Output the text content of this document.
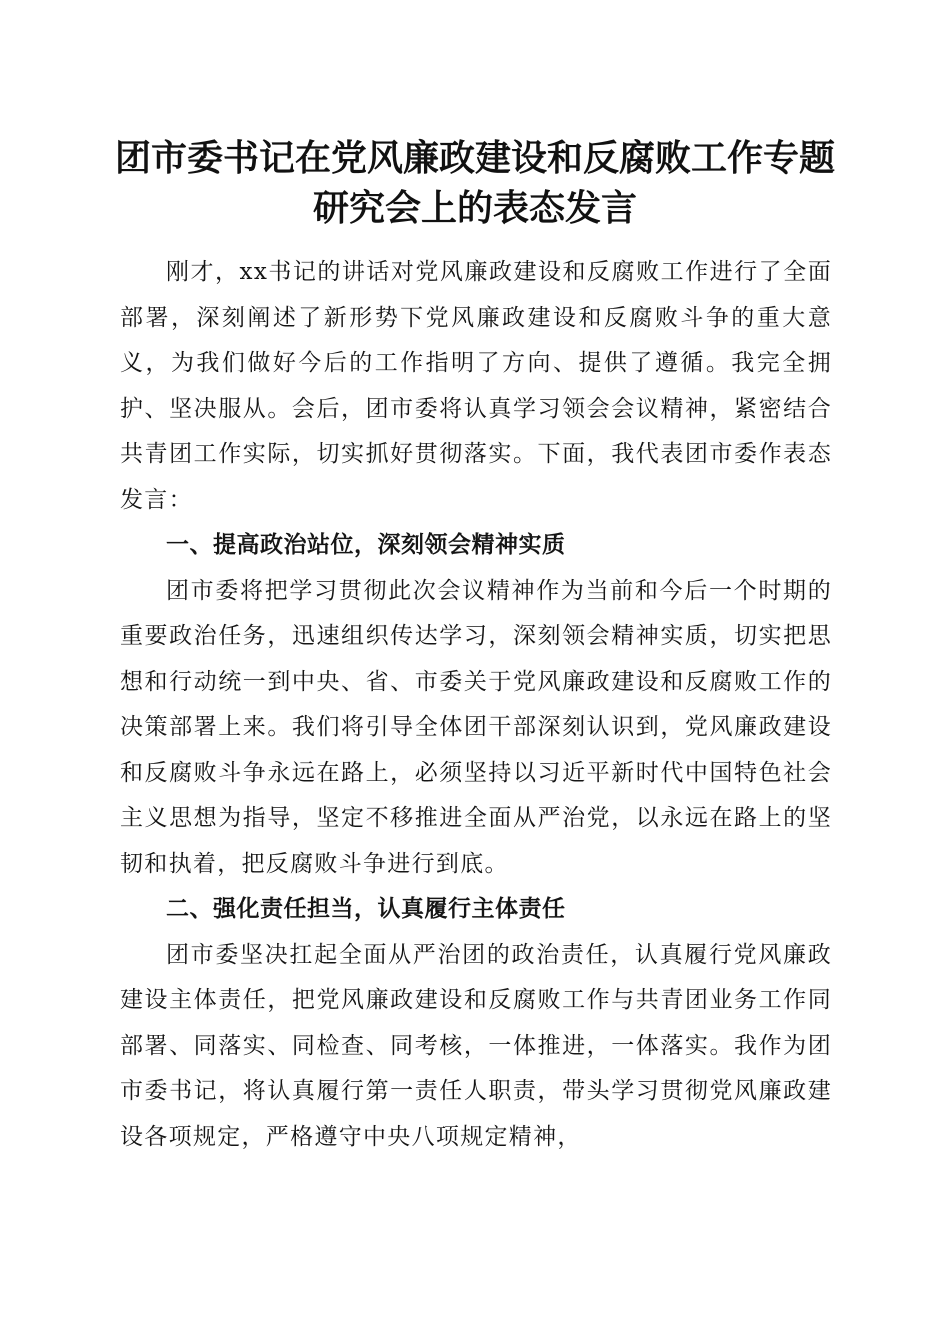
团市委书记在党风廉政建设和反腐败工作专题
研究会上的表态发言

刚才，xx书记的讲话对党风廉政建设和反腐败工作进行了全面部署，深刻阐述了新形势下党风廉政建设和反腐败斗争的重大意义，为我们做好今后的工作指明了方向、提供了遵循。我完全拥护、坚决服从。会后，团市委将认真学习领会会议精神，紧密结合共青团工作实际，切实抓好贯彻落实。下面，我代表团市委作表态发言：

一、提高政治站位，深刻领会精神实质

团市委将把学习贯彻此次会议精神作为当前和今后一个时期的重要政治任务，迅速组织传达学习，深刻领会精神实质，切实把思想和行动统一到中央、省、市委关于党风廉政建设和反腐败工作的决策部署上来。我们将引导全体团干部深刻认识到，党风廉政建设和反腐败斗争永远在路上，必须坚持以习近平新时代中国特色社会主义思想为指导，坚定不移推进全面从严治党，以永远在路上的坚韧和执着，把反腐败斗争进行到底。

二、强化责任担当，认真履行主体责任

团市委坚决扛起全面从严治团的政治责任，认真履行党风廉政建设主体责任，把党风廉政建设和反腐败工作与共青团业务工作同部署、同落实、同检查、同考核，一体推进，一体落实。我作为团市委书记，将认真履行第一责任人职责，带头学习贯彻党风廉政建设各项规定，严格遵守中央八项规定精神，
